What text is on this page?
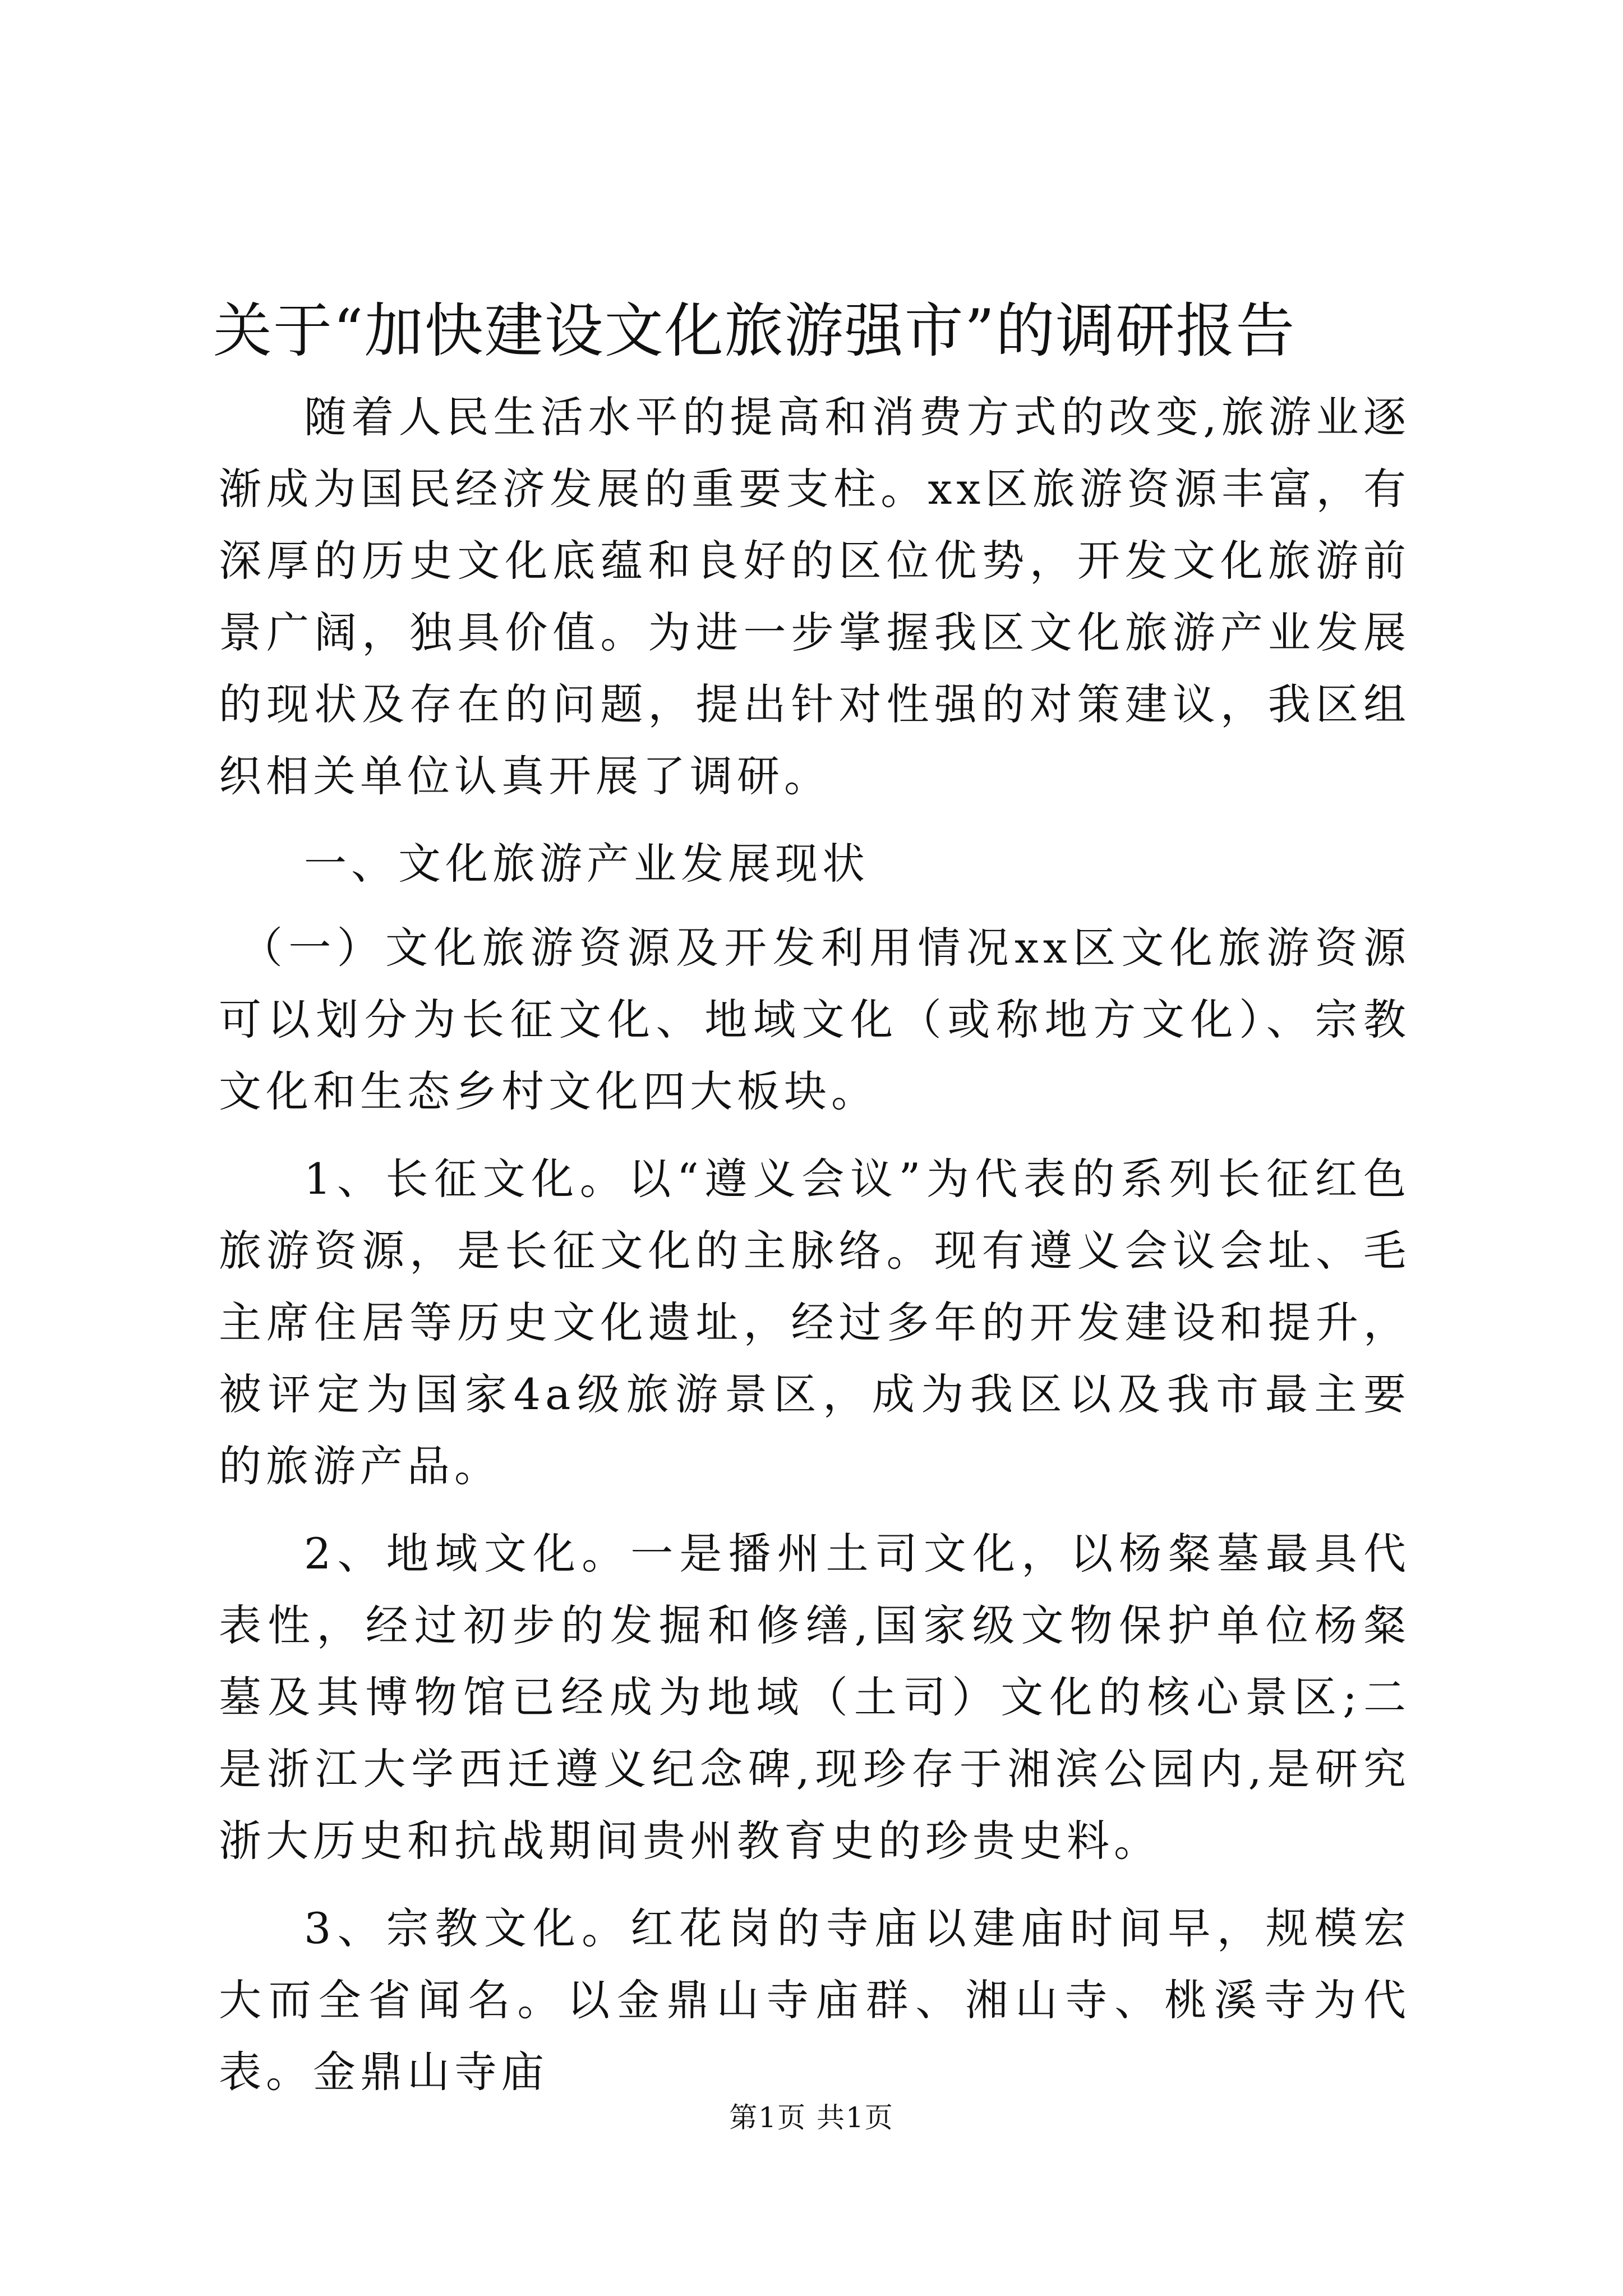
关于“加快建设文化旅游强市”的调研报告

随着人民生活水平的提高和消费方式的改变,旅游业逐渐成为国民经济发展的重要支柱。xx区旅游资源丰富，有深厚的历史文化底蕴和良好的区位优势，开发文化旅游前景广阔，独具价值。为进一步掌握我区文化旅游产业发展的现状及存在的问题，提出针对性强的对策建议，我区组织相关单位认真开展了调研。

一、文化旅游产业发展现状

（一）文化旅游资源及开发利用情况xx区文化旅游资源可以划分为长征文化、地域文化（或称地方文化）、宗教文化和生态乡村文化四大板块。

1、长征文化。以“遵义会议”为代表的系列长征红色旅游资源，是长征文化的主脉络。现有遵义会议会址、毛主席住居等历史文化遗址，经过多年的开发建设和提升，被评定为国家4a级旅游景区，成为我区以及我市最主要的旅游产品。

2、地域文化。一是播州土司文化，以杨粲墓最具代表性，经过初步的发掘和修缮,国家级文物保护单位杨粲墓及其博物馆已经成为地域（土司）文化的核心景区;二是浙江大学西迁遵义纪念碑,现珍存于湘滨公园内,是研究浙大历史和抗战期间贵州教育史的珍贵史料。

3、宗教文化。红花岗的寺庙以建庙时间早，规模宏大而全省闻名。以金鼎山寺庙群、湘山寺、桃溪寺为代表。金鼎山寺庙

第1页 共1页
